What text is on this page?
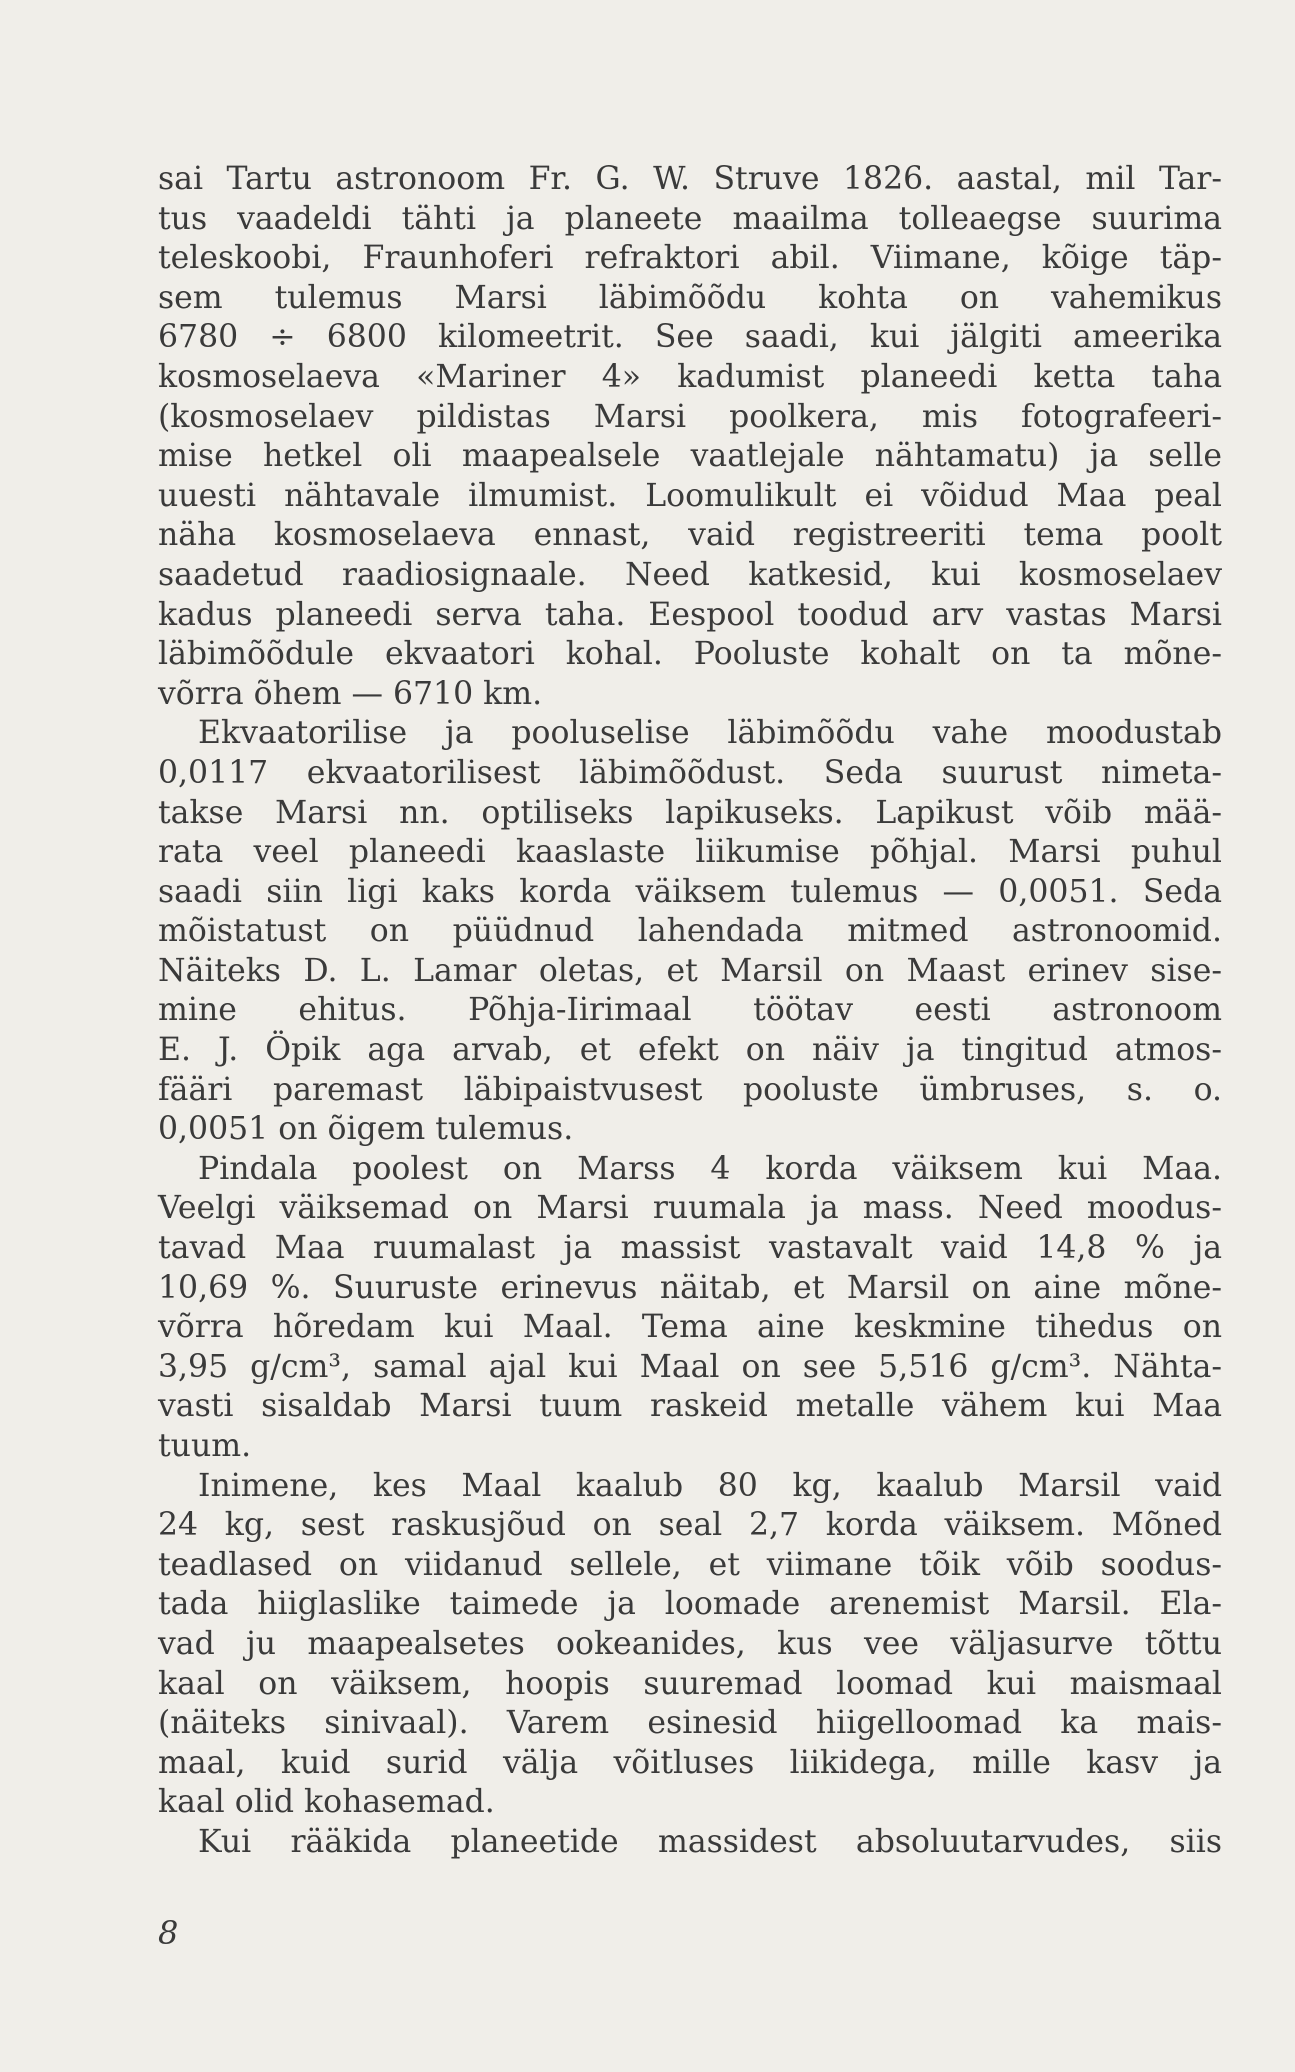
sai Tartu astronoom Fr. G. W. Struve 1826. aastal, mil Tar-
tus vaadeldi tähti ja planeete maailma tolleaegse suurima
teleskoobi, Fraunhoferi refraktori abil. Viimane, kõige täp-
sem tulemus Marsi läbimõõdu kohta on vahemikus
6780 ÷ 6800 kilomeetrit. See saadi, kui jälgiti ameerika
kosmoselaeva «Mariner 4» kadumist planeedi ketta taha
(kosmoselaev pildistas Marsi poolkera, mis fotografeeri-
mise hetkel oli maapealsele vaatlejale nähtamatu) ja selle
uuesti nähtavale ilmumist. Loomulikult ei võidud Maa peal
näha kosmoselaeva ennast, vaid registreeriti tema poolt
saadetud raadiosignaale. Need katkesid, kui kosmoselaev
kadus planeedi serva taha. Eespool toodud arv vastas Marsi
läbimõõdule ekvaatori kohal. Pooluste kohalt on ta mõne-
võrra õhem — 6710 km.
Ekvaatorilise ja pooluselise läbimõõdu vahe moodustab
0,0117 ekvaatorilisest läbimõõdust. Seda suurust nimeta-
takse Marsi nn. optiliseks lapikuseks. Lapikust võib mää-
rata veel planeedi kaaslaste liikumise põhjal. Marsi puhul
saadi siin ligi kaks korda väiksem tulemus — 0,0051. Seda
mõistatust on püüdnud lahendada mitmed astronoomid.
Näiteks D. L. Lamar oletas, et Marsil on Maast erinev sise-
mine ehitus. Põhja-Iirimaal töötav eesti astronoom
E. J. Öpik aga arvab, et efekt on näiv ja tingitud atmos-
fääri paremast läbipaistvusest pooluste ümbruses, s. o.
0,0051 on õigem tulemus.
Pindala poolest on Marss 4 korda väiksem kui Maa.
Veelgi väiksemad on Marsi ruumala ja mass. Need moodus-
tavad Maa ruumalast ja massist vastavalt vaid 14,8 % ja
10,69 %. Suuruste erinevus näitab, et Marsil on aine mõne-
võrra hõredam kui Maal. Tema aine keskmine tihedus on
3,95 g/cm³, samal ajal kui Maal on see 5,516 g/cm³. Nähta-
vasti sisaldab Marsi tuum raskeid metalle vähem kui Maa
tuum.
Inimene, kes Maal kaalub 80 kg, kaalub Marsil vaid
24 kg, sest raskusjõud on seal 2,7 korda väiksem. Mõned
teadlased on viidanud sellele, et viimane tõik võib soodus-
tada hiiglaslike taimede ja loomade arenemist Marsil. Ela-
vad ju maapealsetes ookeanides, kus vee väljasurve tõttu
kaal on väiksem, hoopis suuremad loomad kui maismaal
(näiteks sinivaal). Varem esinesid hiigelloomad ka mais-
maal, kuid surid välja võitluses liikidega, mille kasv ja
kaal olid kohasemad.
Kui rääkida planeetide massidest absoluutarvudes, siis
8
